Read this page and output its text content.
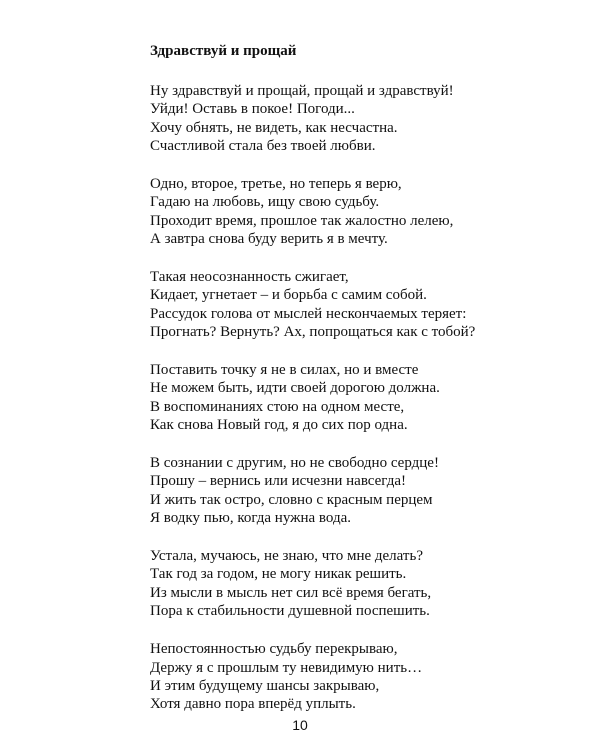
Здравствуй и прощай
Ну здравствуй и прощай, прощай и здравствуй!
Уйди! Оставь в покое! Погоди...
Хочу обнять, не видеть, как несчастна.
Счастливой стала без твоей любви.
Одно, второе, третье, но теперь я верю,
Гадаю на любовь, ищу свою судьбу.
Проходит время, прошлое так жалостно лелею,
А завтра снова буду верить я в мечту.
Такая неосознанность сжигает,
Кидает, угнетает – и борьба с самим собой.
Рассудок голова от мыслей нескончаемых теряет:
Прогнать? Вернуть? Ах, попрощаться как с тобой?
Поставить точку я не в силах, но и вместе
Не можем быть, идти своей дорогою должна.
В воспоминаниях стою на одном месте,
Как снова Новый год, я до сих пор одна.
В сознании с другим, но не свободно сердце!
Прошу – вернись или исчезни навсегда!
И жить так остро, словно с красным перцем
Я водку пью, когда нужна вода.
Устала, мучаюсь, не знаю, что мне делать?
Так год за годом, не могу никак решить.
Из мысли в мысль нет сил всё время бегать,
Пора к стабильности душевной поспешить.
Непостоянностью судьбу перекрываю,
Держу я с прошлым ту невидимую нить…
И этим будущему шансы закрываю,
Хотя давно пора вперёд уплыть.
10
